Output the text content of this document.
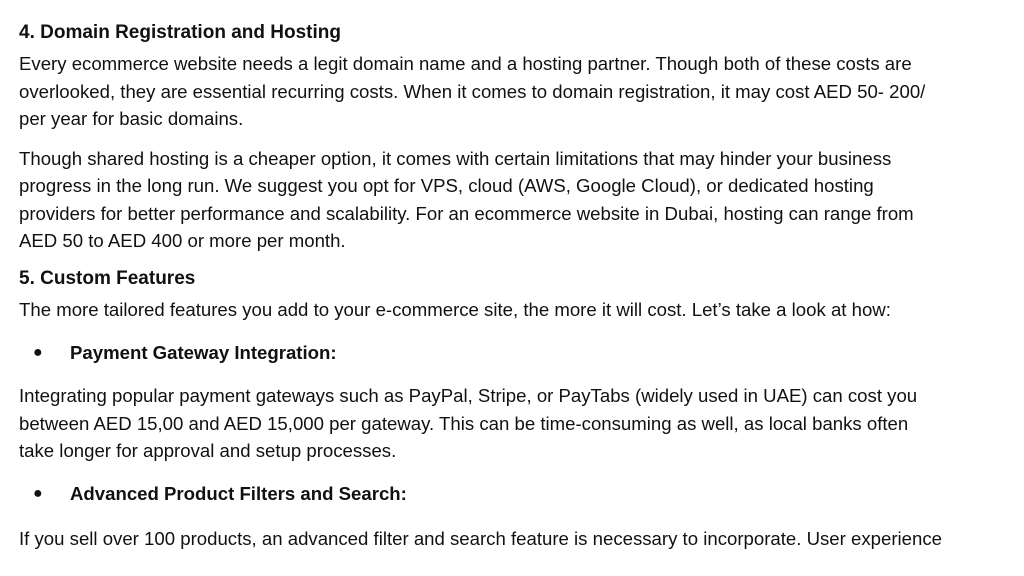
4. Domain Registration and Hosting

Every ecommerce website needs a legit domain name and a hosting partner. Though both of these costs are
overlooked, they are essential recurring costs. When it comes to domain registration, it may cost AED 50- 200/
per year for basic domains.

Though shared hosting is a cheaper option, it comes with certain limitations that may hinder your business
progress in the long run. We suggest you opt for VPS, cloud (AWS, Google Cloud), or dedicated hosting
providers for better performance and scalability. For an ecommerce website in Dubai, hosting can range from
AED 50 to AED 400 or more per month.

5. Custom Features

The more tailored features you add to your e-commerce site, the more it will cost. Let’s take a look at how:

● Payment Gateway Integration:

Integrating popular payment gateways such as PayPal, Stripe, or PayTabs (widely used in UAE) can cost you
between AED 15,00 and AED 15,000 per gateway. This can be time-consuming as well, as local banks often
take longer for approval and setup processes.

● Advanced Product Filters and Search:

If you sell over 100 products, an advanced filter and search feature is necessary to incorporate. User experience
